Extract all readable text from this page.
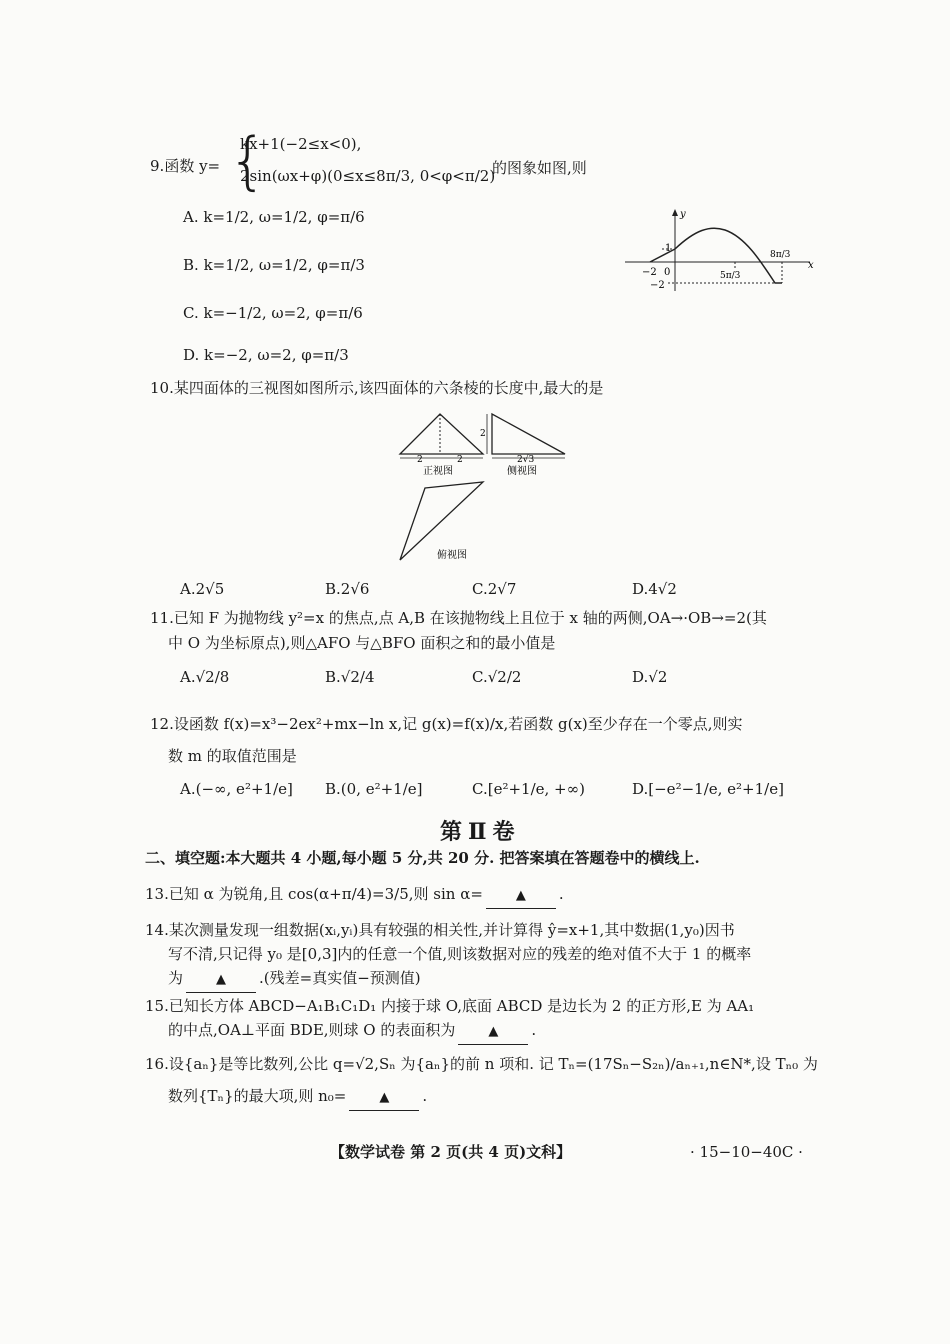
9.函数 y= {
kx+1(−2≤x<0),
2sin(ωx+φ)(0≤x≤8π/3, 0<φ<π/2)
的图象如图,则
A. k=1/2, ω=1/2, φ=π/6
B. k=1/2, ω=1/2, φ=π/3
C. k=−1/2, ω=2, φ=π/6
D. k=−2, ω=2, φ=π/3
y
x
1
−2 0	5π/3
8π/3
−2
10.某四面体的三视图如图所示,该四面体的六条棱的长度中,最大的是
2	2
正视图
2
2√3
侧视图
俯视图
A.2√5	B.2√6	C.2√7	D.4√2
11.已知 F 为抛物线 y²=x 的焦点,点 A,B 在该抛物线上且位于 x 轴的两侧,OA→·OB→=2(其
中 O 为坐标原点),则△AFO 与△BFO 面积之和的最小值是
A.√2/8	B.√2/4	C.√2/2	D.√2
12.设函数 f(x)=x³−2ex²+mx−ln x,记 g(x)=f(x)/x,若函数 g(x)至少存在一个零点,则实
数 m 的取值范围是
A.(−∞, e²+1/e] B.(0, e²+1/e]	C.[e²+1/e, +∞)	D.[−e²−1/e, e²+1/e]
第Ⅱ卷
二、填空题:本大题共 4 小题,每小题 5 分,共 20 分. 把答案填在答题卷中的横线上.
13.已知 α 为锐角,且 cos(α+π/4)=3/5,则 sin α=	▲ .
14.某次测量发现一组数据(xᵢ,yᵢ)具有较强的相关性,并计算得 ŷ=x+1,其中数据(1,y₀)因书
写不清,只记得 y₀ 是[0,3]内的任意一个值,则该数据对应的残差的绝对值不大于 1 的概率
为	▲ .(残差=真实值−预测值)
15.已知长方体 ABCD−A₁B₁C₁D₁ 内接于球 O,底面 ABCD 是边长为 2 的正方形,E 为 AA₁
的中点,OA⊥平面 BDE,则球 O 的表面积为	▲ .
16.设{aₙ}是等比数列,公比 q=√2,Sₙ 为{aₙ}的前 n 项和. 记 Tₙ=(17Sₙ−S₂ₙ)/aₙ₊₁,n∈N*,设 Tₙ₀ 为
数列{Tₙ}的最大项,则 n₀=	▲ .
【数学试卷 第 2 页(共 4 页)文科】	· 15−10−40C ·
